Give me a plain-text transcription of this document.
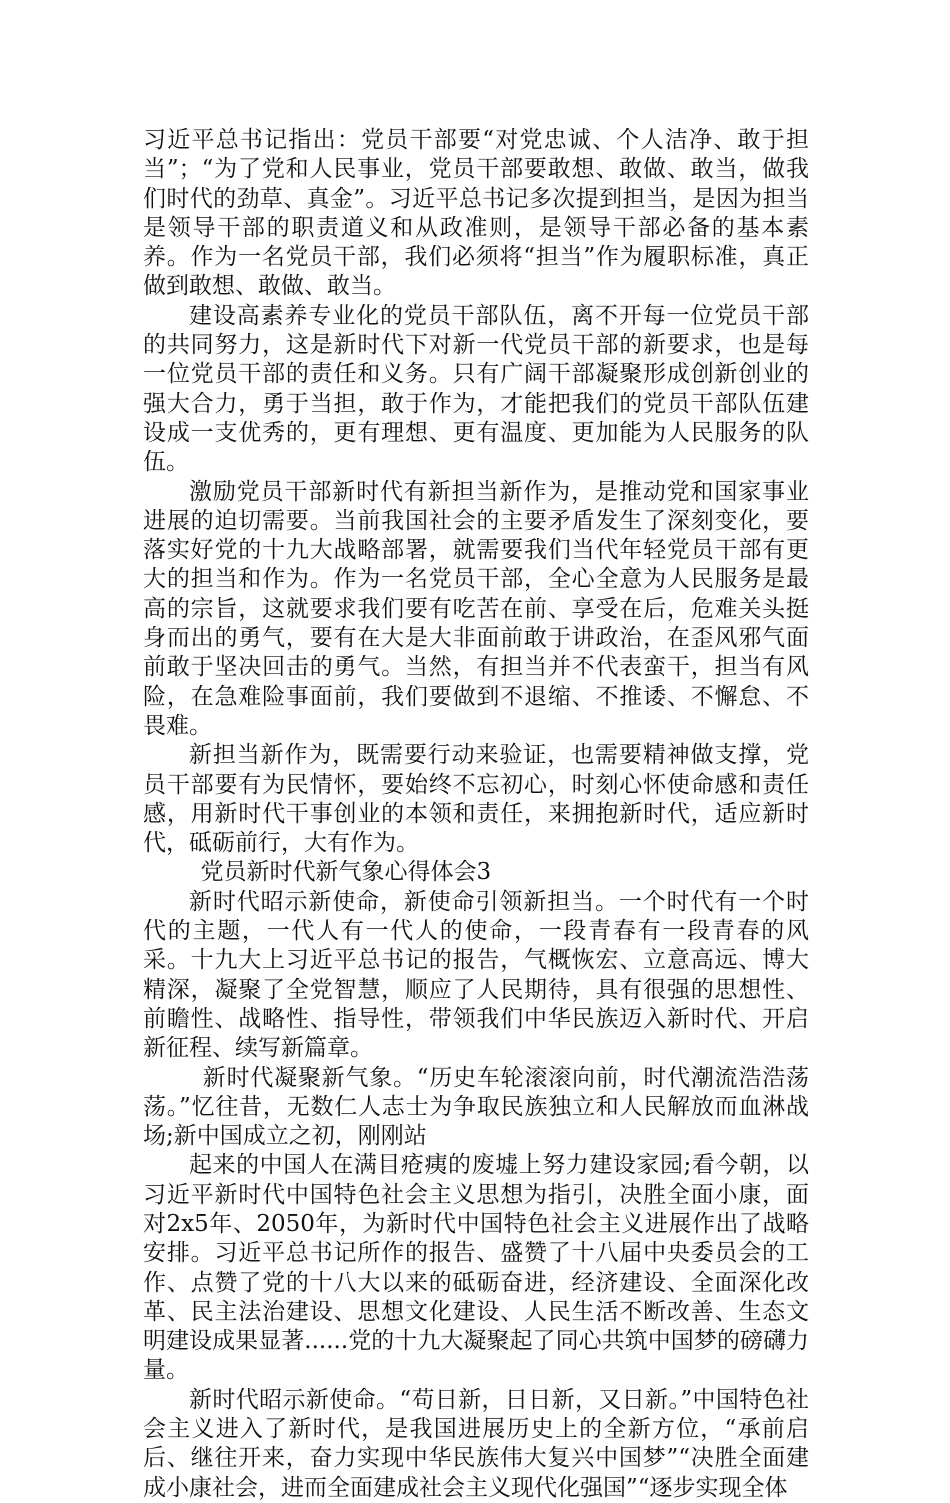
习近平总书记指出：党员干部要“对党忠诚、个人洁净、敢于担当”；“为了党和人民事业，党员干部要敢想、敢做、敢当，做我们时代的劲草、真金”。习近平总书记多次提到担当，是因为担当是领导干部的职责道义和从政准则，是领导干部必备的基本素养。作为一名党员干部，我们必须将“担当”作为履职标准，真正做到敢想、敢做、敢当。

建设高素养专业化的党员干部队伍，离不开每一位党员干部的共同努力，这是新时代下对新一代党员干部的新要求，也是每一位党员干部的责任和义务。只有广阔干部凝聚形成创新创业的强大合力，勇于当担，敢于作为，才能把我们的党员干部队伍建设成一支优秀的，更有理想、更有温度、更加能为人民服务的队伍。

激励党员干部新时代有新担当新作为，是推动党和国家事业进展的迫切需要。当前我国社会的主要矛盾发生了深刻变化，要落实好党的十九大战略部署，就需要我们当代年轻党员干部有更大的担当和作为。作为一名党员干部，全心全意为人民服务是最高的宗旨，这就要求我们要有吃苦在前、享受在后，危难关头挺身而出的勇气，要有在大是大非面前敢于讲政治，在歪风邪气面前敢于坚决回击的勇气。当然，有担当并不代表蛮干，担当有风险，在急难险事面前，我们要做到不退缩、不推诿、不懈怠、不畏难。

新担当新作为，既需要行动来验证，也需要精神做支撑，党员干部要有为民情怀，要始终不忘初心，时刻心怀使命感和责任感，用新时代干事创业的本领和责任，来拥抱新时代，适应新时代，砥砺前行，大有作为。

党员新时代新气象心得体会3

新时代昭示新使命，新使命引领新担当。一个时代有一个时代的主题，一代人有一代人的使命，一段青春有一段青春的风采。十九大上习近平总书记的报告，气概恢宏、立意高远、博大精深，凝聚了全党智慧，顺应了人民期待，具有很强的思想性、前瞻性、战略性、指导性，带领我们中华民族迈入新时代、开启新征程、续写新篇章。

新时代凝聚新气象。“历史车轮滚滚向前，时代潮流浩浩荡荡。”忆往昔，无数仁人志士为争取民族独立和人民解放而血淋战场;新中国成立之初，刚刚站

起来的中国人在满目疮痍的废墟上努力建设家园;看今朝，以习近平新时代中国特色社会主义思想为指引，决胜全面小康，面对2x5年、2050年，为新时代中国特色社会主义进展作出了战略安排。习近平总书记所作的报告、盛赞了十八届中央委员会的工作、点赞了党的十八大以来的砥砺奋进，经济建设、全面深化改革、民主法治建设、思想文化建设、人民生活不断改善、生态文明建设成果显著......党的十九大凝聚起了同心共筑中国梦的磅礴力量。

新时代昭示新使命。“苟日新，日日新，又日新。”中国特色社会主义进入了新时代，是我国进展历史上的全新方位，“承前启后、继往开来，奋力实现中华民族伟大复兴中国梦”“决胜全面建成小康社会，进而全面建成社会主义现代化强国”“逐步实现全体
